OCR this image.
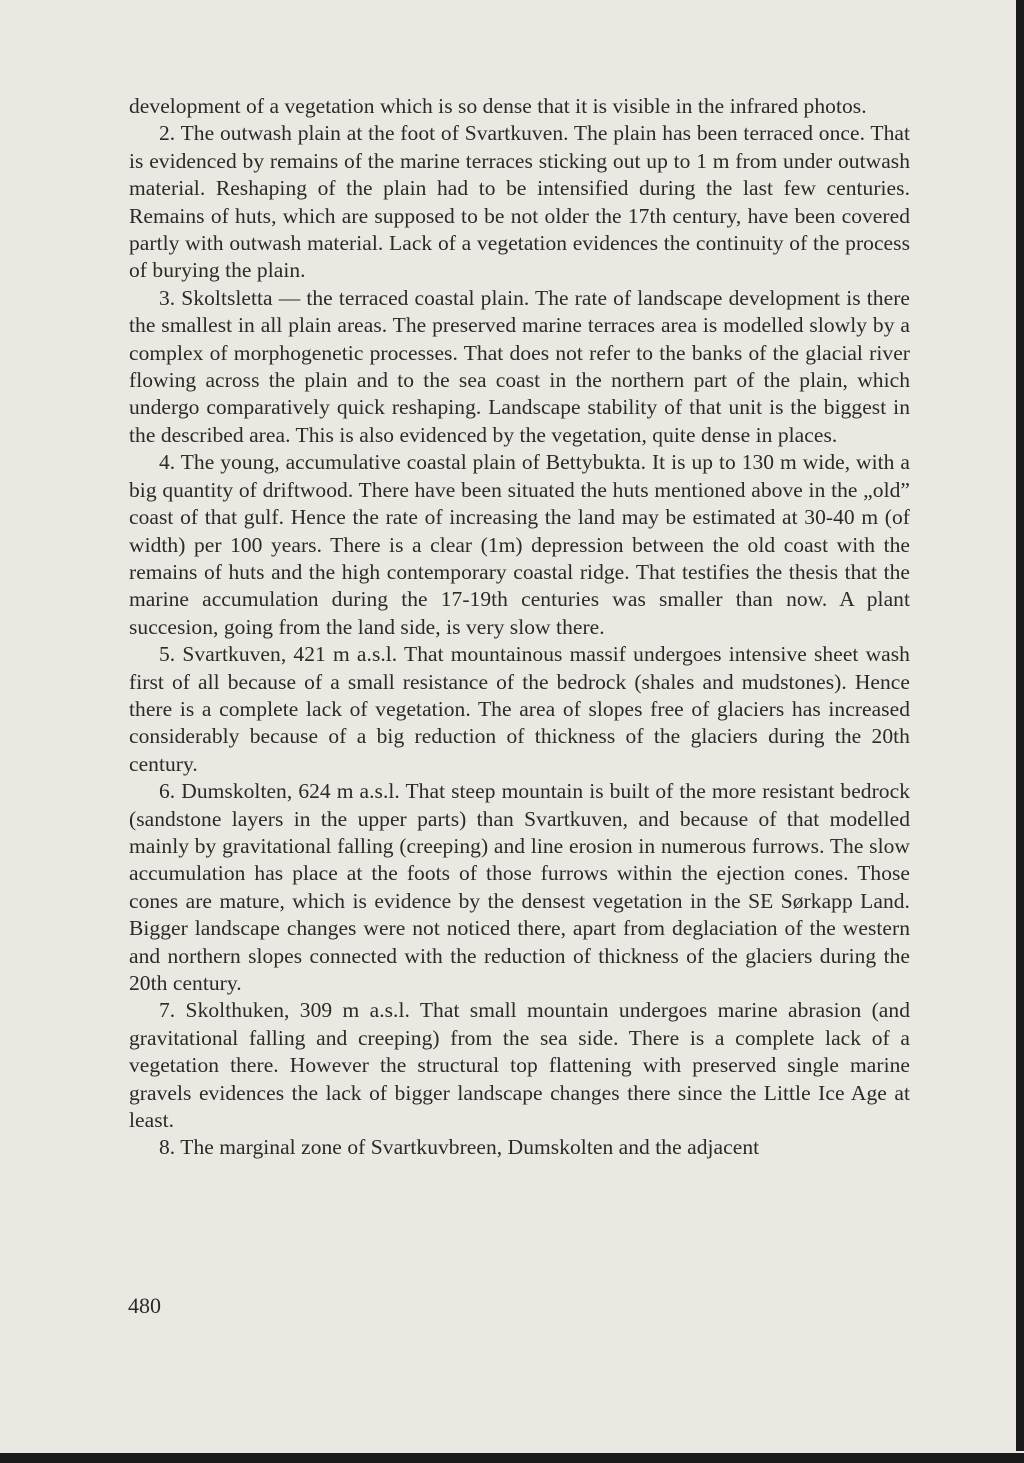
development of a vegetation which is so dense that it is visible in the infrared photos.

2. The outwash plain at the foot of Svartkuven. The plain has been terraced once. That is evidenced by remains of the marine terraces sticking out up to 1 m from under outwash material. Reshaping of the plain had to be intensified during the last few centuries. Remains of huts, which are supposed to be not older the 17th century, have been covered partly with outwash material. Lack of a vegetation evidences the continuity of the process of burying the plain.

3. Skoltsletta — the terraced coastal plain. The rate of landscape development is there the smallest in all plain areas. The preserved marine terraces area is modelled slowly by a complex of morphogenetic processes. That does not refer to the banks of the glacial river flowing across the plain and to the sea coast in the northern part of the plain, which undergo comparatively quick reshaping. Landscape stability of that unit is the biggest in the described area. This is also evidenced by the vegetation, quite dense in places.

4. The young, accumulative coastal plain of Bettybukta. It is up to 130 m wide, with a big quantity of driftwood. There have been situated the huts mentioned above in the „old” coast of that gulf. Hence the rate of increasing the land may be estimated at 30-40 m (of width) per 100 years. There is a clear (1m) depression between the old coast with the remains of huts and the high contemporary coastal ridge. That testifies the thesis that the marine accumulation during the 17-19th centuries was smaller than now. A plant succesion, going from the land side, is very slow there.

5. Svartkuven, 421 m a.s.l. That mountainous massif undergoes intensive sheet wash first of all because of a small resistance of the bedrock (shales and mudstones). Hence there is a complete lack of vegetation. The area of slopes free of glaciers has increased considerably because of a big reduction of thickness of the glaciers during the 20th century.

6. Dumskolten, 624 m a.s.l. That steep mountain is built of the more resistant bedrock (sandstone layers in the upper parts) than Svartkuven, and because of that modelled mainly by gravitational falling (creeping) and line erosion in numerous furrows. The slow accumulation has place at the foots of those furrows within the ejection cones. Those cones are mature, which is evidence by the densest vegetation in the SE Sørkapp Land. Bigger landscape changes were not noticed there, apart from deglaciation of the western and northern slopes connected with the reduction of thickness of the glaciers during the 20th century.

7. Skolthuken, 309 m a.s.l. That small mountain undergoes marine abrasion (and gravitational falling and creeping) from the sea side. There is a complete lack of a vegetation there. However the structural top flattening with preserved single marine gravels evidences the lack of bigger landscape changes there since the Little Ice Age at least.

8. The marginal zone of Svartkuvbreen, Dumskolten and the adjacent

480
